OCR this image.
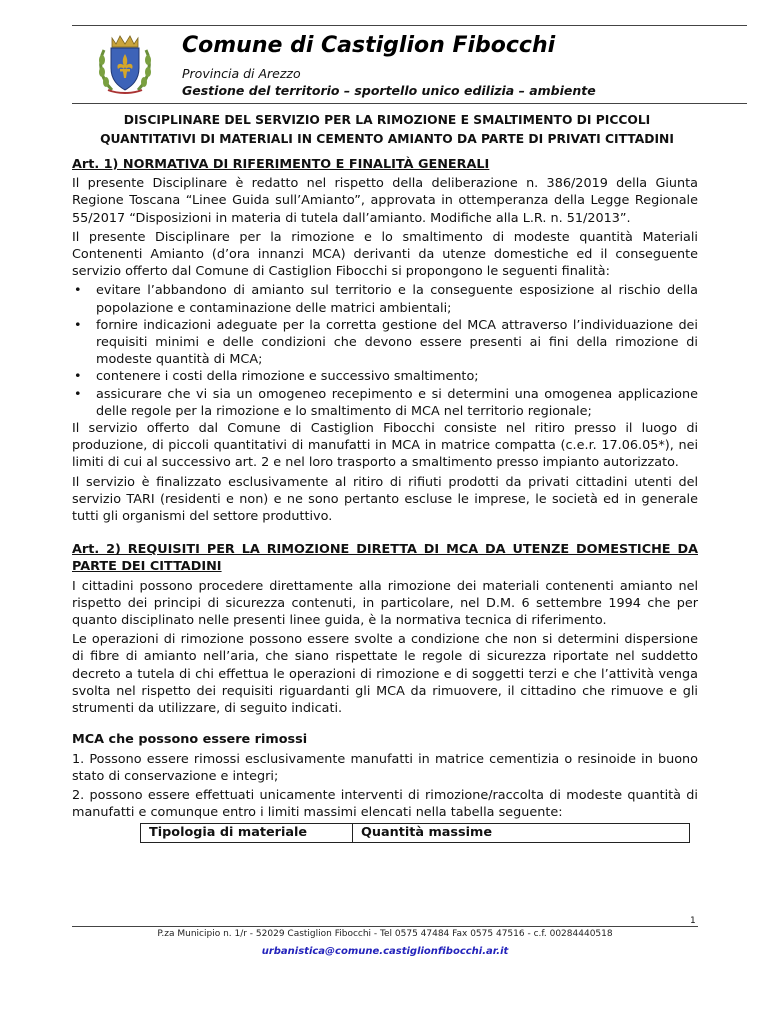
Comune di Castiglion Fibocchi
Provincia di Arezzo
Gestione del territorio – sportello unico edilizia – ambiente
DISCIPLINARE DEL SERVIZIO PER LA RIMOZIONE E SMALTIMENTO DI PICCOLI
QUANTITATIVI DI MATERIALI IN CEMENTO AMIANTO DA PARTE DI PRIVATI CITTADINI
Art. 1) NORMATIVA DI RIFERIMENTO E FINALITÀ GENERALI

Il presente Disciplinare è redatto nel rispetto della deliberazione n. 386/2019 della Giunta Regione Toscana “Linee Guida sull’Amianto”, approvata in ottemperanza della Legge Regionale 55/2017 “Disposizioni in materia di tutela dall’amianto. Modifiche alla L.R. n. 51/2013”.

Il presente Disciplinare per la rimozione e lo smaltimento di modeste quantità Materiali Contenenti Amianto (d’ora innanzi MCA) derivanti da utenze domestiche ed il conseguente servizio offerto dal Comune di Castiglion Fibocchi si propongono le seguenti finalità:

• evitare l’abbandono di amianto sul territorio e la conseguente esposizione al rischio della popolazione e contaminazione delle matrici ambientali;
• fornire indicazioni adeguate per la corretta gestione del MCA attraverso l’individuazione dei requisiti minimi e delle condizioni che devono essere presenti ai fini della rimozione di modeste quantità di MCA;
• contenere i costi della rimozione e successivo smaltimento;
• assicurare che vi sia un omogeneo recepimento e si determini una omogenea applicazione delle regole per la rimozione e lo smaltimento di MCA nel territorio regionale;

Il servizio offerto dal Comune di Castiglion Fibocchi consiste nel ritiro presso il luogo di produzione, di piccoli quantitativi di manufatti in MCA in matrice compatta (c.e.r. 17.06.05*), nei limiti di cui al successivo art. 2 e nel loro trasporto a smaltimento presso impianto autorizzato.

Il servizio è finalizzato esclusivamente al ritiro di rifiuti prodotti da privati cittadini utenti del servizio TARI (residenti e non) e ne sono pertanto escluse le imprese, le società ed in generale tutti gli organismi del settore produttivo.

Art. 2) REQUISITI PER LA RIMOZIONE DIRETTA DI MCA DA UTENZE DOMESTICHE DA PARTE DEI CITTADINI

I cittadini possono procedere direttamente alla rimozione dei materiali contenenti amianto nel rispetto dei principi di sicurezza contenuti, in particolare, nel D.M. 6 settembre 1994 che per quanto disciplinato nelle presenti linee guida, è la normativa tecnica di riferimento.

Le operazioni di rimozione possono essere svolte a condizione che non si determini dispersione di fibre di amianto nell’aria, che siano rispettate le regole di sicurezza riportate nel suddetto decreto a tutela di chi effettua le operazioni di rimozione e di soggetti terzi e che l’attività venga svolta nel rispetto dei requisiti riguardanti gli MCA da rimuovere, il cittadino che rimuove e gli strumenti da utilizzare, di seguito indicati.

MCA che possono essere rimossi

1. Possono essere rimossi esclusivamente manufatti in matrice cementizia o resinoide in buono stato di conservazione e integri;

2. possono essere effettuati unicamente interventi di rimozione/raccolta di modeste quantità di manufatti e comunque entro i limiti massimi elencati nella tabella seguente:

Tipologia di materiale	Quantità massime
1
P.za Municipio n. 1/r - 52029 Castiglion Fibocchi - Tel 0575 47484 Fax 0575 47516 - c.f. 00284440518
urbanistica@comune.castiglionfibocchi.ar.it
